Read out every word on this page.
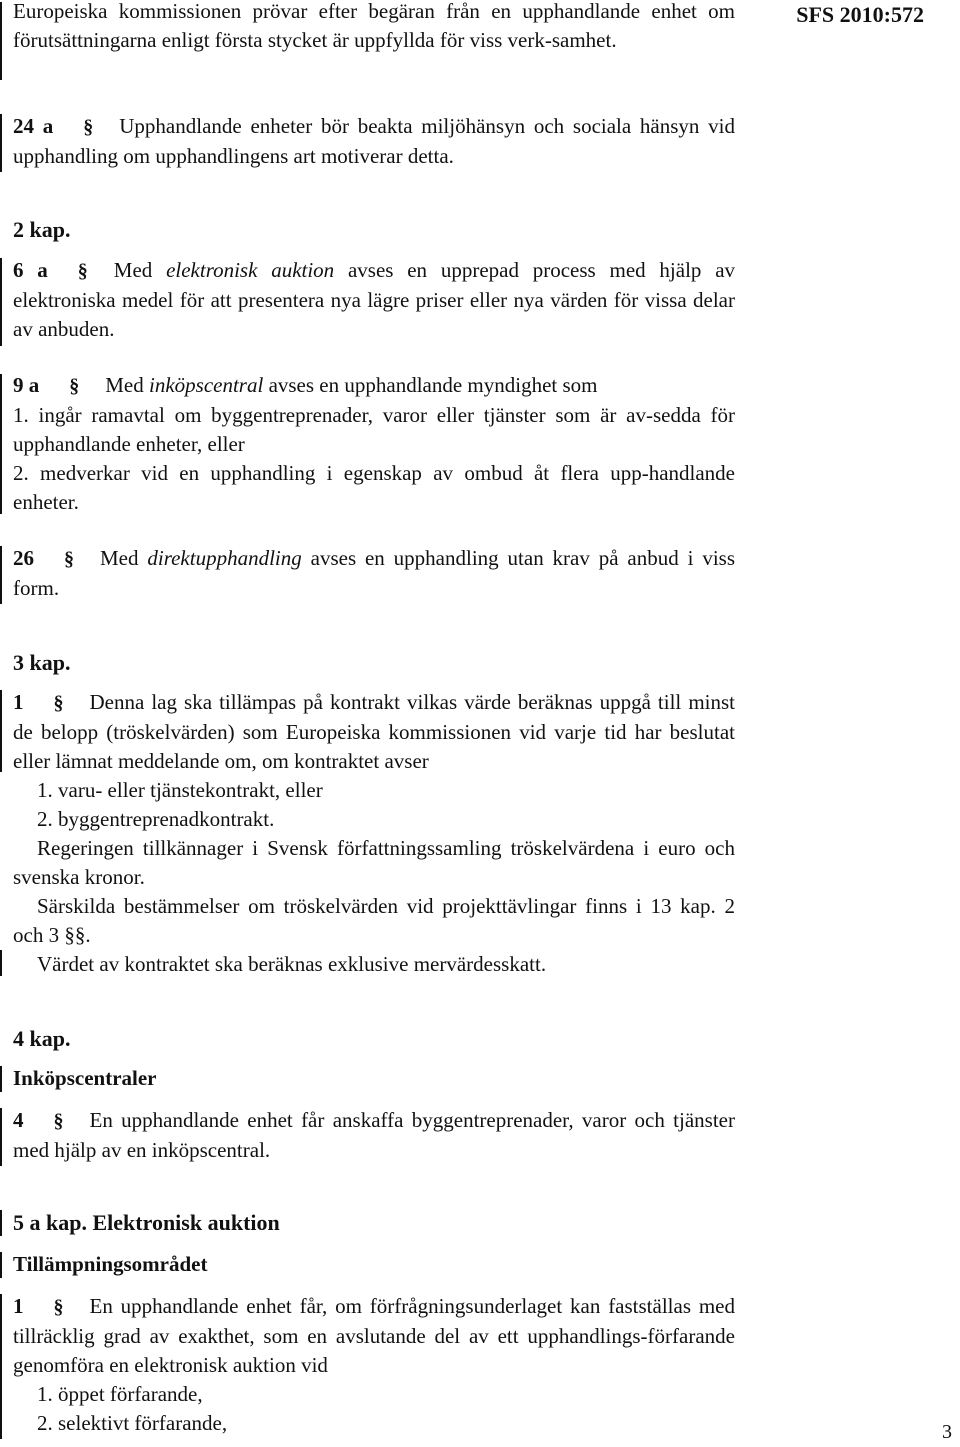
SFS 2010:572
Europeiska kommissionen prövar efter begäran från en upphandlande enhet om förutsättningarna enligt första stycket är uppfyllda för viss verk-samhet.
24 a § Upphandlande enheter bör beakta miljöhänsyn och sociala hänsyn vid upphandling om upphandlingens art motiverar detta.
2 kap.
6 a § Med elektronisk auktion avses en upprepad process med hjälp av elektroniska medel för att presentera nya lägre priser eller nya värden för vissa delar av anbuden.
9 a § Med inköpscentral avses en upphandlande myndighet som
1. ingår ramavtal om byggentreprenader, varor eller tjänster som är av-sedda för upphandlande enheter, eller
2. medverkar vid en upphandling i egenskap av ombud åt flera upp-handlande enheter.
26 § Med direktupphandling avses en upphandling utan krav på anbud i viss form.
3 kap.
1 § Denna lag ska tillämpas på kontrakt vilkas värde beräknas uppgå till minst de belopp (tröskelvärden) som Europeiska kommissionen vid varje tid har beslutat eller lämnat meddelande om, om kontraktet avser
1. varu- eller tjänstekontrakt, eller
2. byggentreprenadkontrakt.
Regeringen tillkännager i Svensk författningssamling tröskelvärdena i euro och svenska kronor.
Särskilda bestämmelser om tröskelvärden vid projekttävlingar finns i 13 kap. 2 och 3 §§.
Värdet av kontraktet ska beräknas exklusive mervärdesskatt.
4 kap.
Inköpscentraler
4 § En upphandlande enhet får anskaffa byggentreprenader, varor och tjänster med hjälp av en inköpscentral.
5 a kap. Elektronisk auktion
Tillämpningsområdet
1 § En upphandlande enhet får, om förfrågningsunderlaget kan fastställas med tillräcklig grad av exakthet, som en avslutande del av ett upphandlings-förfarande genomföra en elektronisk auktion vid
1. öppet förfarande,
2. selektivt förfarande,	3
